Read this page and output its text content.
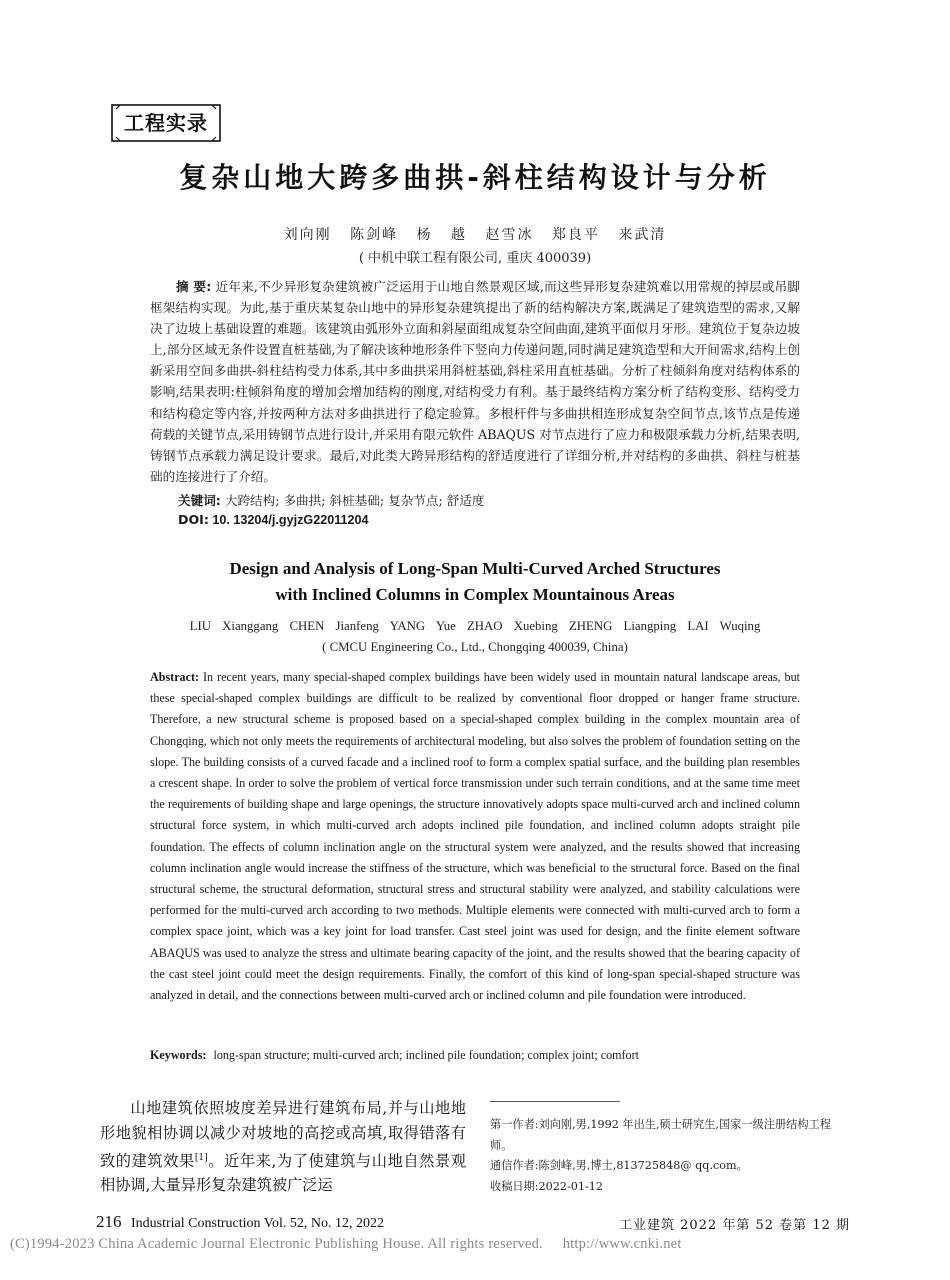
工程实录
复杂山地大跨多曲拱-斜柱结构设计与分析
刘向刚 陈剑峰 杨 越 赵雪冰 郑良平 来武清
( 中机中联工程有限公司, 重庆 400039)
摘 要: 近年来,不少异形复杂建筑被广泛运用于山地自然景观区域,而这些异形复杂建筑难以用常规的掉层或吊脚框架结构实现。为此,基于重庆某复杂山地中的异形复杂建筑提出了新的结构解决方案,既满足了建筑造型的需求,又解决了边坡上基础设置的难题。该建筑由弧形外立面和斜屋面组成复杂空间曲面,建筑平面似月牙形。建筑位于复杂边坡上,部分区域无条件设置直桩基础,为了解决该种地形条件下竖向力传递问题,同时满足建筑造型和大开间需求,结构上创新采用空间多曲拱-斜柱结构受力体系,其中多曲拱采用斜桩基础,斜柱采用直桩基础。分析了柱倾斜角度对结构体系的影响,结果表明:柱倾斜角度的增加会增加结构的刚度,对结构受力有利。基于最终结构方案分析了结构变形、结构受力和结构稳定等内容,并按两种方法对多曲拱进行了稳定验算。多根杆件与多曲拱相连形成复杂空间节点,该节点是传递荷载的关键节点,采用铸钢节点进行设计,并采用有限元软件 ABAQUS 对节点进行了应力和极限承载力分析,结果表明,铸钢节点承载力满足设计要求。最后,对此类大跨异形结构的舒适度进行了详细分析,并对结构的多曲拱、斜柱与桩基础的连接进行了介绍。
关键词: 大跨结构; 多曲拱; 斜桩基础; 复杂节点; 舒适度
DOI: 10. 13204/j.gyjzG22011204
Design and Analysis of Long-Span Multi-Curved Arched Structures
with Inclined Columns in Complex Mountainous Areas
LIU Xianggang CHEN Jianfeng YANG Yue ZHAO Xuebing ZHENG Liangping LAI Wuqing
( CMCU Engineering Co., Ltd., Chongqing 400039, China)
Abstract: In recent years, many special-shaped complex buildings have been widely used in mountain natural landscape areas, but these special-shaped complex buildings are difficult to be realized by conventional floor dropped or hanger frame structure. Therefore, a new structural scheme is proposed based on a special-shaped complex building in the complex mountain area of Chongqing, which not only meets the requirements of architectural modeling, but also solves the problem of foundation setting on the slope. The building consists of a curved facade and a inclined roof to form a complex spatial surface, and the building plan resembles a crescent shape. In order to solve the problem of vertical force transmission under such terrain conditions, and at the same time meet the requirements of building shape and large openings, the structure innovatively adopts space multi-curved arch and inclined column structural force system, in which multi-curved arch adopts inclined pile foundation, and inclined column adopts straight pile foundation. The effects of column inclination angle on the structural system were analyzed, and the results showed that increasing column inclination angle would increase the stiffness of the structure, which was beneficial to the structural force. Based on the final structural scheme, the structural deformation, structural stress and structural stability were analyzed, and stability calculations were performed for the multi-curved arch according to two methods. Multiple elements were connected with multi-curved arch to form a complex space joint, which was a key joint for load transfer. Cast steel joint was used for design, and the finite element software ABAQUS was used to analyze the stress and ultimate bearing capacity of the joint, and the results showed that the bearing capacity of the cast steel joint could meet the design requirements. Finally, the comfort of this kind of long-span special-shaped structure was analyzed in detail, and the connections between multi-curved arch or inclined column and pile foundation were introduced.
Keywords: long-span structure; multi-curved arch; inclined pile foundation; complex joint; comfort
山地建筑依照坡度差异进行建筑布局,并与山地地形地貌相协调以减少对坡地的高挖或高填,取得错落有致的建筑效果[1]。近年来,为了使建筑与山地自然景观相协调,大量异形复杂建筑被广泛运

第一作者:刘向刚,男,1992 年出生,硕士研究生,国家一级注册结构工程师。

通信作者:陈剑峰,男,博士,813725848@ qq.com。

收稿日期:2022-01-12

216 Industrial Construction Vol. 52, No. 12, 2022	工业建筑 2022 年第 52 卷第 12 期
(C)1994-2023 China Academic Journal Electronic Publishing House. All rights reserved. http://www.cnki.net
